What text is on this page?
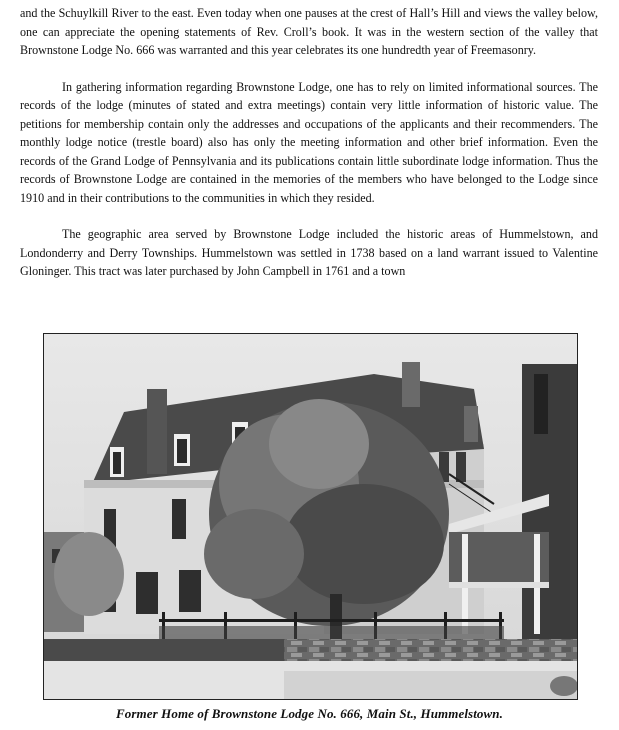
and the Schuylkill River to the east. Even today when one pauses at the crest of Hall’s Hill and views the valley below, one can appreciate the opening statements of Rev. Croll’s book. It was in the western section of the valley that Brownstone Lodge No. 666 was warranted and this year celebrates its one hundredth year of Freemasonry.

In gathering information regarding Brownstone Lodge, one has to rely on limited informational sources. The records of the lodge (minutes of stated and extra meetings) contain very little information of historic value. The petitions for membership contain only the addresses and occupations of the applicants and their recommenders. The monthly lodge notice (trestle board) also has only the meeting information and other brief information. Even the records of the Grand Lodge of Pennsylvania and its publications contain little subordinate lodge information. Thus the records of Brownstone Lodge are contained in the memories of the members who have belonged to the Lodge since 1910 and in their contributions to the communities in which they resided.

The geographic area served by Brownstone Lodge included the historic areas of Hummelstown, and Londonderry and Derry Townships. Hummelstown was settled in 1738 based on a land warrant issued to Valentine Gloninger. This tract was later purchased by John Campbell in 1761 and a town

Former Home of Brownstone Lodge No. 666, Main St., Hummelstown.
